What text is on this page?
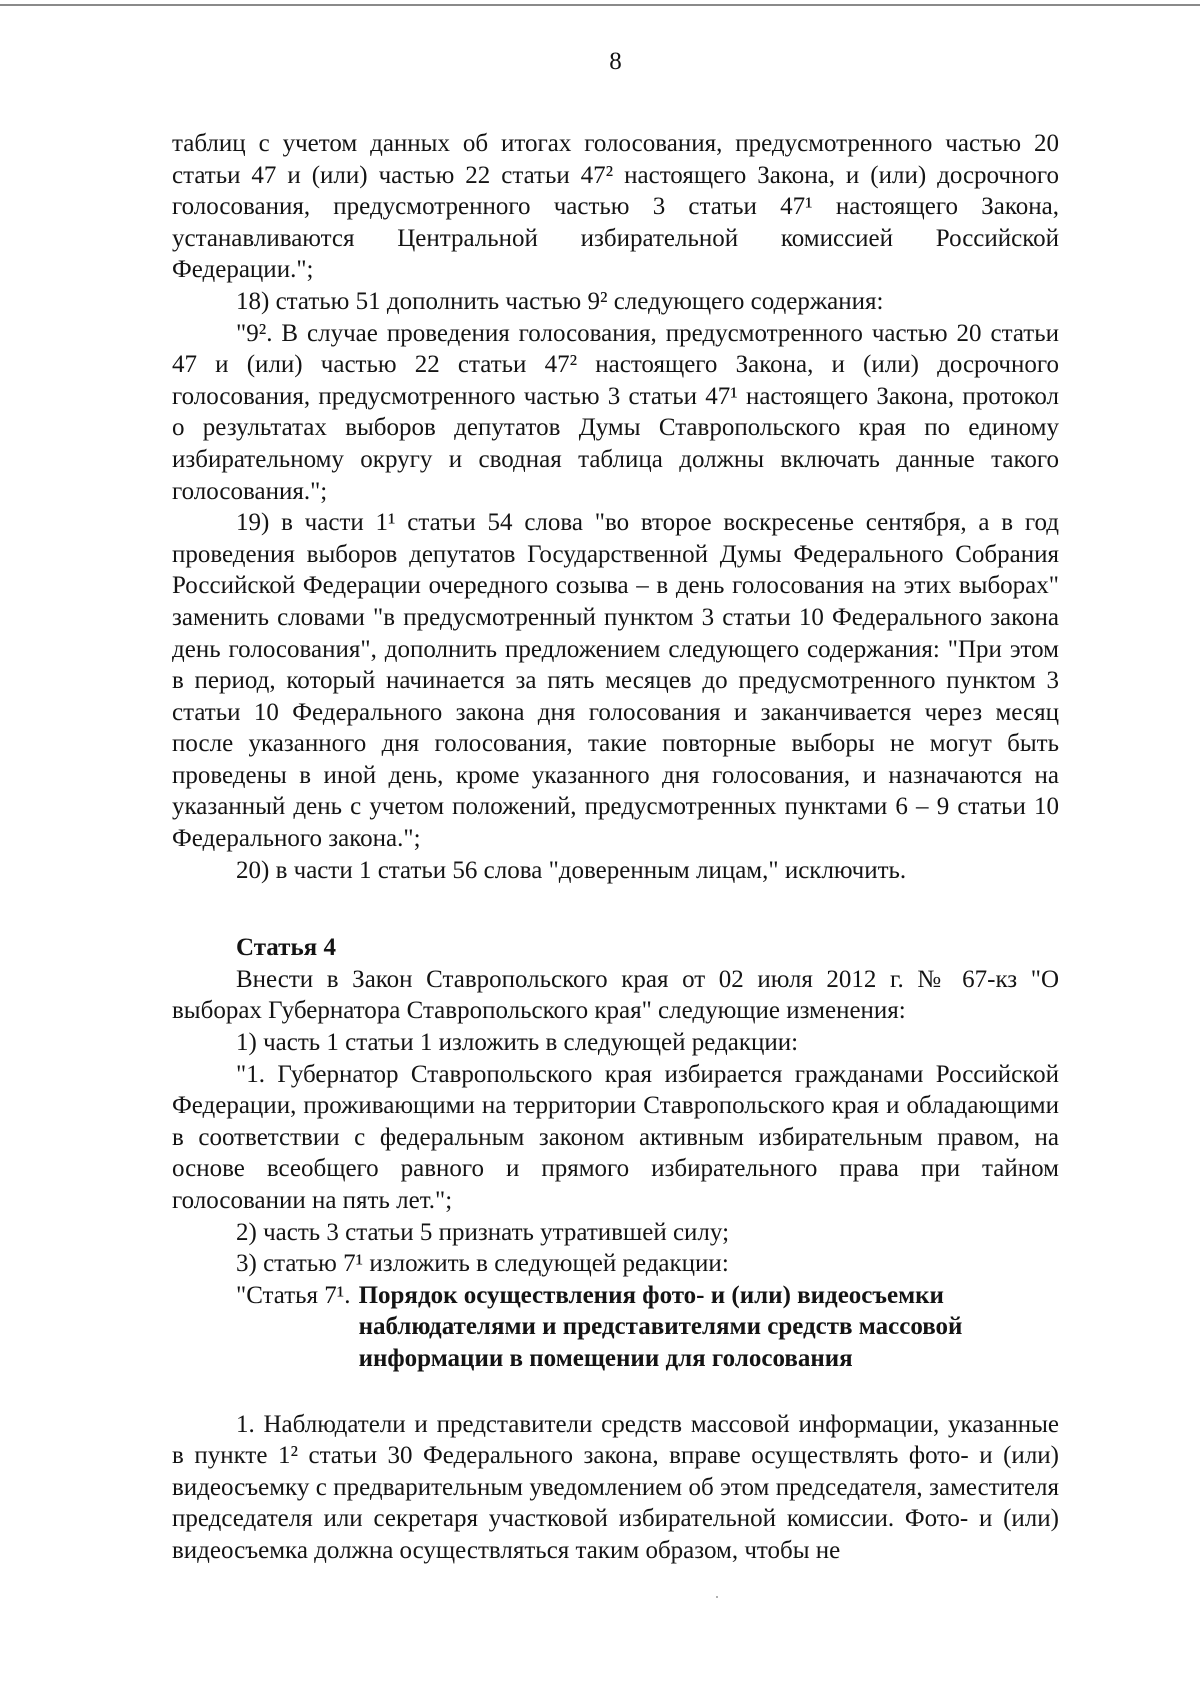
8

таблиц с учетом данных об итогах голосования, предусмотренного частью 20 статьи 47 и (или) частью 22 статьи 47² настоящего Закона, и (или) досрочного голосования, предусмотренного частью 3 статьи 47¹ настоящего Закона, устанавливаются Центральной избирательной комиссией Российской Федерации.";

18) статью 51 дополнить частью 9² следующего содержания:

"9². В случае проведения голосования, предусмотренного частью 20 статьи 47 и (или) частью 22 статьи 47² настоящего Закона, и (или) досрочного голосования, предусмотренного частью 3 статьи 47¹ настоящего Закона, протокол о результатах выборов депутатов Думы Ставропольского края по единому избирательному округу и сводная таблица должны включать данные такого голосования.";

19) в части 1¹ статьи 54 слова "во второе воскресенье сентября, а в год проведения выборов депутатов Государственной Думы Федерального Собрания Российской Федерации очередного созыва – в день голосования на этих выборах" заменить словами "в предусмотренный пунктом 3 статьи 10 Федерального закона день голосования", дополнить предложением следующего содержания: "При этом в период, который начинается за пять месяцев до предусмотренного пунктом 3 статьи 10 Федерального закона дня голосования и заканчивается через месяц после указанного дня голосования, такие повторные выборы не могут быть проведены в иной день, кроме указанного дня голосования, и назначаются на указанный день с учетом положений, предусмотренных пунктами 6 – 9 статьи 10 Федерального закона.";

20) в части 1 статьи 56 слова "доверенным лицам," исключить.

Статья 4

Внести в Закон Ставропольского края от 02 июля 2012 г. № 67-кз "О выборах Губернатора Ставропольского края" следующие изменения:

1) часть 1 статьи 1 изложить в следующей редакции:

"1. Губернатор Ставропольского края избирается гражданами Российской Федерации, проживающими на территории Ставропольского края и обладающими в соответствии с федеральным законом активным избирательным правом, на основе всеобщего равного и прямого избирательного права при тайном голосовании на пять лет.";

2) часть 3 статьи 5 признать утратившей силу;

3) статью 7¹ изложить в следующей редакции:

"Статья 7¹. Порядок осуществления фото- и (или) видеосъемки наблюдателями и представителями средств массовой информации в помещении для голосования

1. Наблюдатели и представители средств массовой информации, указанные в пункте 1² статьи 30 Федерального закона, вправе осуществлять фото- и (или) видеосъемку с предварительным уведомлением об этом председателя, заместителя председателя или секретаря участковой избирательной комиссии. Фото- и (или) видеосъемка должна осуществляться таким образом, чтобы не
